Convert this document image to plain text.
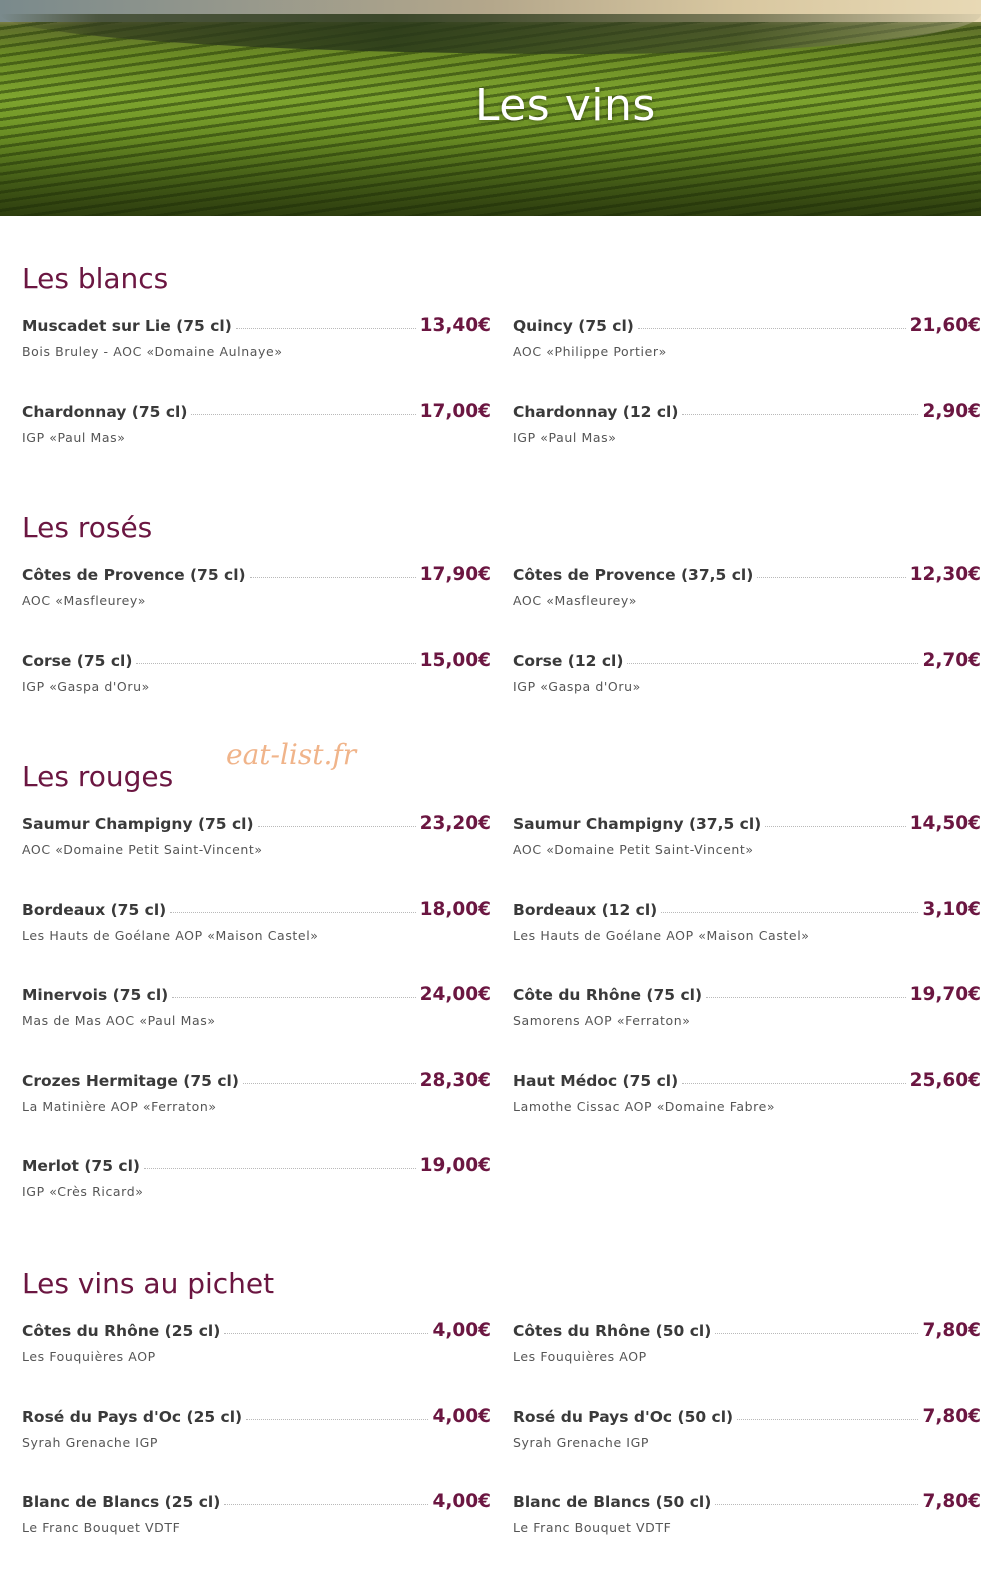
Les vins
eat-list.fr
Les blancs
Muscadet sur Lie (75 cl)	13,40€
Bois Bruley - AOC «Domaine Aulnaye»
Quincy (75 cl)	21,60€
AOC «Philippe Portier»
Chardonnay (75 cl)	17,00€
IGP «Paul Mas»
Chardonnay (12 cl)	2,90€
IGP «Paul Mas»
Les rosés
Côtes de Provence (75 cl)	17,90€
AOC «Masfleurey»
Côtes de Provence (37,5 cl)	12,30€
AOC «Masfleurey»
Corse (75 cl)	15,00€
IGP «Gaspa d'Oru»
Corse (12 cl)	2,70€
IGP «Gaspa d'Oru»
Les rouges
Saumur Champigny (75 cl)	23,20€
AOC «Domaine Petit Saint-Vincent»
Saumur Champigny (37,5 cl)	14,50€
AOC «Domaine Petit Saint-Vincent»
Bordeaux (75 cl)	18,00€
Les Hauts de Goélane AOP «Maison Castel»
Bordeaux (12 cl)	3,10€
Les Hauts de Goélane AOP «Maison Castel»
Minervois (75 cl)	24,00€
Mas de Mas AOC «Paul Mas»
Côte du Rhône (75 cl)	19,70€
Samorens AOP «Ferraton»
Crozes Hermitage (75 cl)	28,30€
La Matinière AOP «Ferraton»
Haut Médoc (75 cl)	25,60€
Lamothe Cissac AOP «Domaine Fabre»
Merlot (75 cl)	19,00€
IGP «Crès Ricard»
Les vins au pichet
Côtes du Rhône (25 cl)	4,00€
Les Fouquières AOP
Côtes du Rhône (50 cl)	7,80€
Les Fouquières AOP
Rosé du Pays d'Oc (25 cl)	4,00€
Syrah Grenache IGP
Rosé du Pays d'Oc (50 cl)	7,80€
Syrah Grenache IGP
Blanc de Blancs (25 cl)	4,00€
Le Franc Bouquet VDTF
Blanc de Blancs (50 cl)	7,80€
Le Franc Bouquet VDTF
